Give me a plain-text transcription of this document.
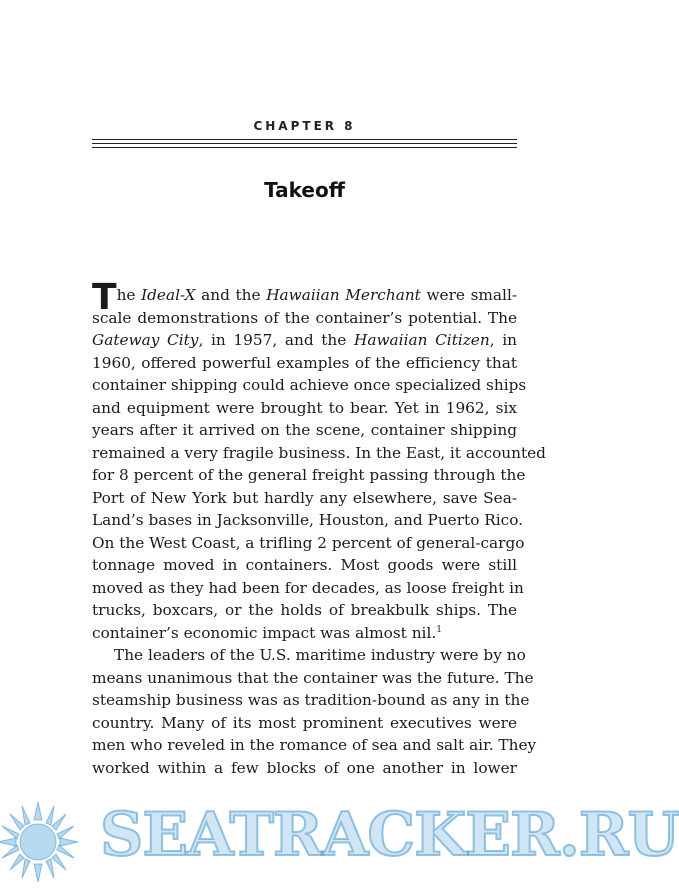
CHAPTER 8
Takeoff
The Ideal-X and the Hawaiian Merchant were small-
scale demonstrations of the container’s potential. The
Gateway City, in 1957, and the Hawaiian Citizen, in
1960, offered powerful examples of the efficiency that
container shipping could achieve once specialized ships
and equipment were brought to bear. Yet in 1962, six
years after it arrived on the scene, container shipping
remained a very fragile business. In the East, it accounted
for 8 percent of the general freight passing through the
Port of New York but hardly any elsewhere, save Sea-
Land’s bases in Jacksonville, Houston, and Puerto Rico.
On the West Coast, a trifling 2 percent of general-cargo
tonnage moved in containers. Most goods were still
moved as they had been for decades, as loose freight in
trucks, boxcars, or the holds of breakbulk ships. The
container’s economic impact was almost nil.$^1$
The leaders of the U.S. maritime industry were by no
means unanimous that the container was the future. The
steamship business was as tradition-bound as any in the
country. Many of its most prominent executives were
men who reveled in the romance of sea and salt air. They
worked within a few blocks of one another in lower
SEATRACKER.RU
